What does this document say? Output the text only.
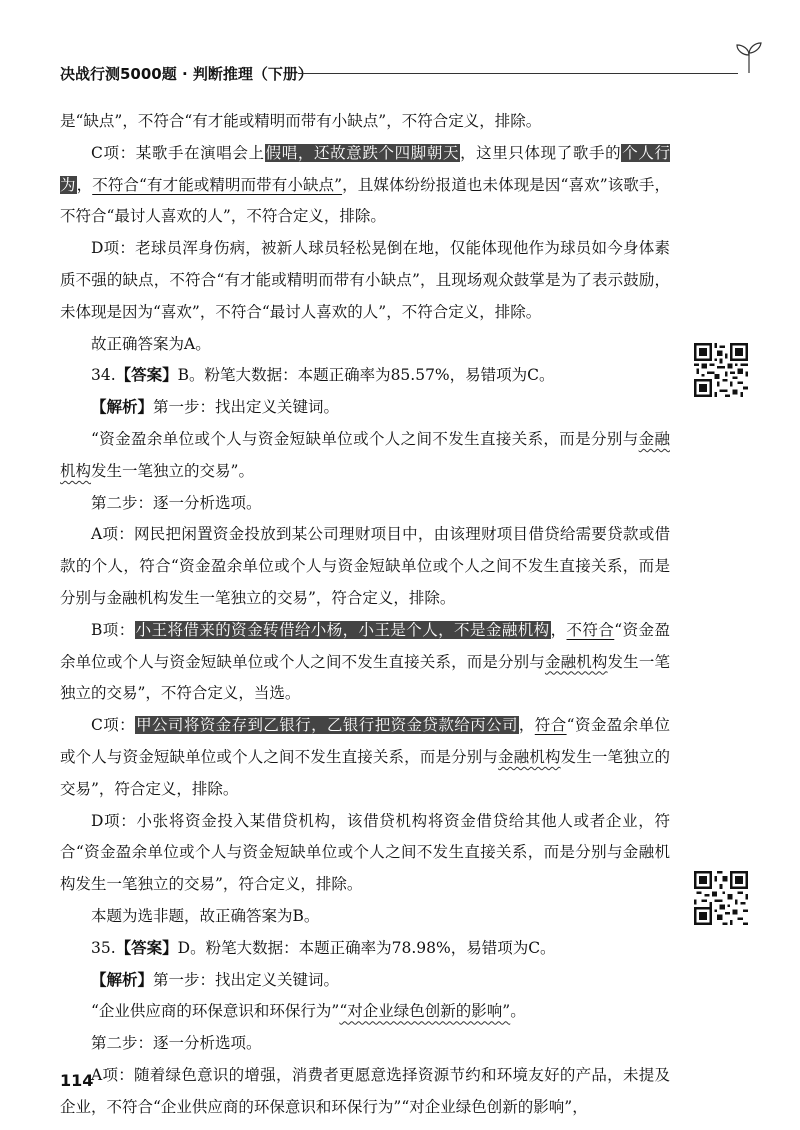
决战行测5000题 · 判断推理（下册）

是“缺点”，不符合“有才能或精明而带有小缺点”，不符合定义，排除。

C项：某歌手在演唱会上假唱，还故意跌个四脚朝天，这里只体现了歌手的个人行为，不符合“有才能或精明而带有小缺点”，且媒体纷纷报道也未体现是因“喜欢”该歌手，不符合“最讨人喜欢的人”，不符合定义，排除。

D项：老球员浑身伤病，被新人球员轻松晃倒在地，仅能体现他作为球员如今身体素质不强的缺点，不符合“有才能或精明而带有小缺点”，且现场观众鼓掌是为了表示鼓励，未体现是因为“喜欢”，不符合“最讨人喜欢的人”，不符合定义，排除。

故正确答案为A。

34.【答案】B。粉笔大数据：本题正确率为85.57%，易错项为C。

【解析】第一步：找出定义关键词。

“资金盈余单位或个人与资金短缺单位或个人之间不发生直接关系，而是分别与金融机构发生一笔独立的交易”。

第二步：逐一分析选项。

A项：网民把闲置资金投放到某公司理财项目中，由该理财项目借贷给需要贷款或借款的个人，符合“资金盈余单位或个人与资金短缺单位或个人之间不发生直接关系，而是分别与金融机构发生一笔独立的交易”，符合定义，排除。

B项：小王将借来的资金转借给小杨，小王是个人，不是金融机构，不符合“资金盈余单位或个人与资金短缺单位或个人之间不发生直接关系，而是分别与金融机构发生一笔独立的交易”，不符合定义，当选。

C项：甲公司将资金存到乙银行，乙银行把资金贷款给丙公司，符合“资金盈余单位或个人与资金短缺单位或个人之间不发生直接关系，而是分别与金融机构发生一笔独立的交易”，符合定义，排除。

D项：小张将资金投入某借贷机构，该借贷机构将资金借贷给其他人或者企业，符合“资金盈余单位或个人与资金短缺单位或个人之间不发生直接关系，而是分别与金融机构发生一笔独立的交易”，符合定义，排除。

本题为选非题，故正确答案为B。

35.【答案】D。粉笔大数据：本题正确率为78.98%，易错项为C。

【解析】第一步：找出定义关键词。

“企业供应商的环保意识和环保行为”“对企业绿色创新的影响”。

第二步：逐一分析选项。

A项：随着绿色意识的增强，消费者更愿意选择资源节约和环境友好的产品，未提及企业，不符合“企业供应商的环保意识和环保行为”“对企业绿色创新的影响”，

114
